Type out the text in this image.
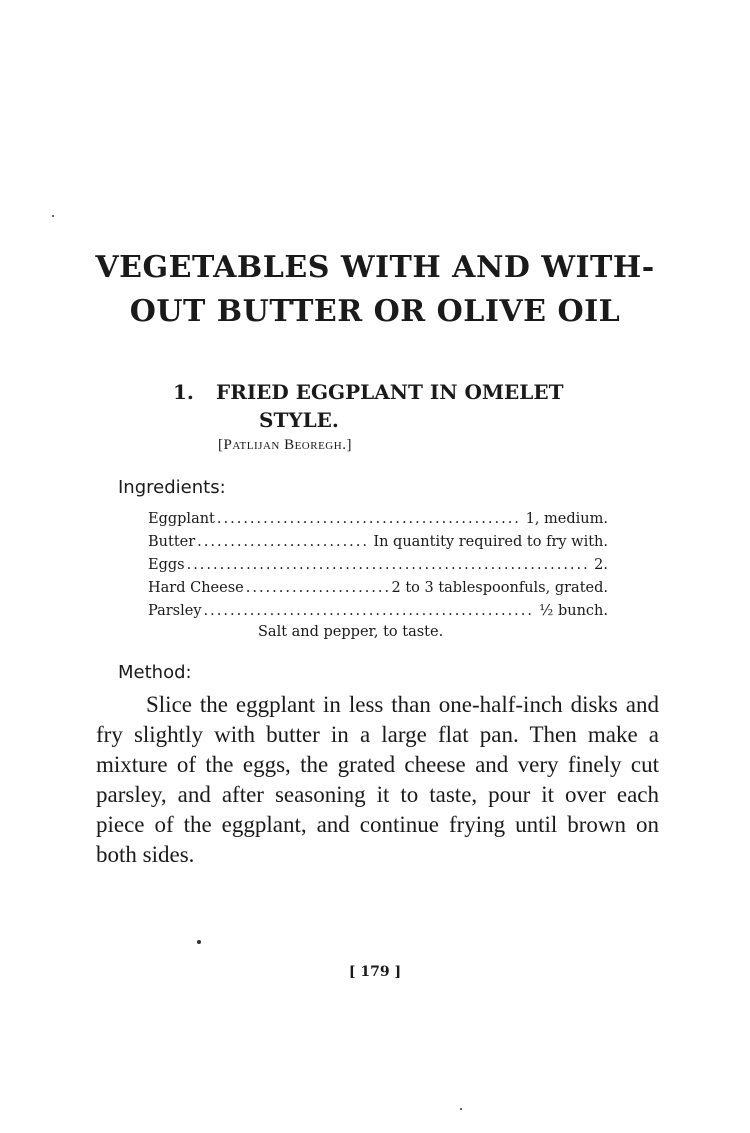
VEGETABLES WITH AND WITH-OUT BUTTER OR OLIVE OIL
1. FRIED EGGPLANT IN OMELET
STYLE.
[Patlijan Beoregh.]
Ingredients:
Eggplant .....	1, medium.
Butter .....	In quantity required to fry with.
Eggs .....	2.
Hard Cheese .....	2 to 3 tablespoonfuls, grated.
Parsley .....	½ bunch.
Salt and pepper, to taste.
Method:

Slice the eggplant in less than one-half-inch disks and fry slightly with butter in a large flat pan. Then make a mixture of the eggs, the grated cheese and very finely cut parsley, and after seasoning it to taste, pour it over each piece of the eggplant, and continue frying until brown on both sides.

[ 179 ]
